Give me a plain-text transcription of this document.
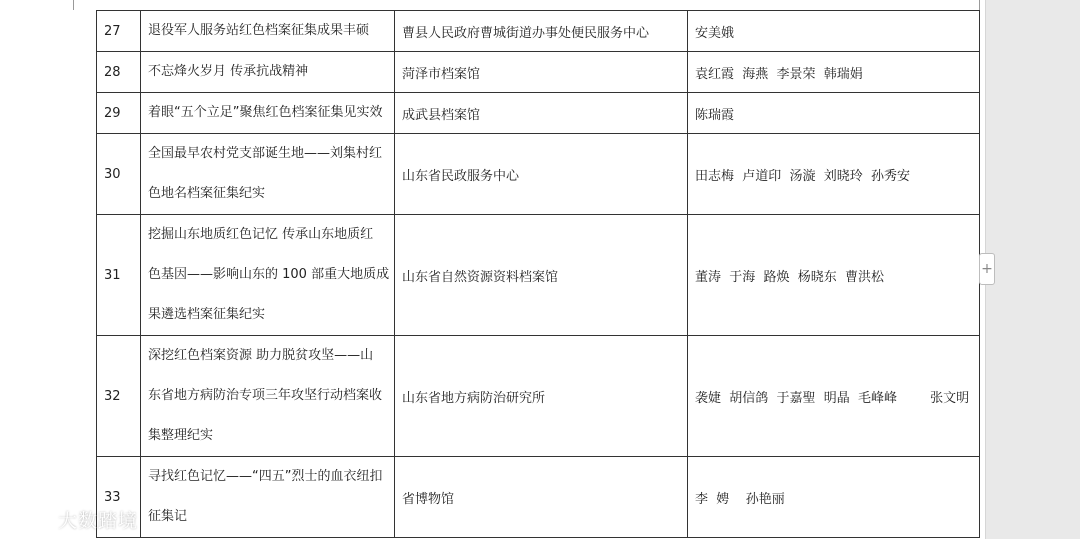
27	退役军人服务站红色档案征集成果丰硕	曹县人民政府曹城街道办事处便民服务中心	安美娥
28	不忘烽火岁月 传承抗战精神	菏泽市档案馆	袁红霞  海燕  李景荣  韩瑞娟
29	着眼“五个立足”聚焦红色档案征集见实效	成武县档案馆	陈瑞霞
30	全国最早农村党支部诞生地——刘集村红
色地名档案征集纪实	山东省民政服务中心	田志梅  卢道印  汤漩  刘晓玲  孙秀安
31	挖掘山东地质红色记忆 传承山东地质红
色基因——影响山东的 100 部重大地质成
果遴选档案征集纪实	山东省自然资源资料档案馆	董涛  于海  路焕  杨晓东  曹洪松
32	深挖红色档案资源 助力脱贫攻坚——山
东省地方病防治专项三年攻坚行动档案收
集整理纪实	山东省地方病防治研究所	袭婕  胡信鸽  于嘉聖  明晶  毛峰峰        张文明
33	寻找红色记忆——“四五”烈士的血衣纽扣
征集记	省博物馆	李  娉    孙艳丽
+
大数踏境
